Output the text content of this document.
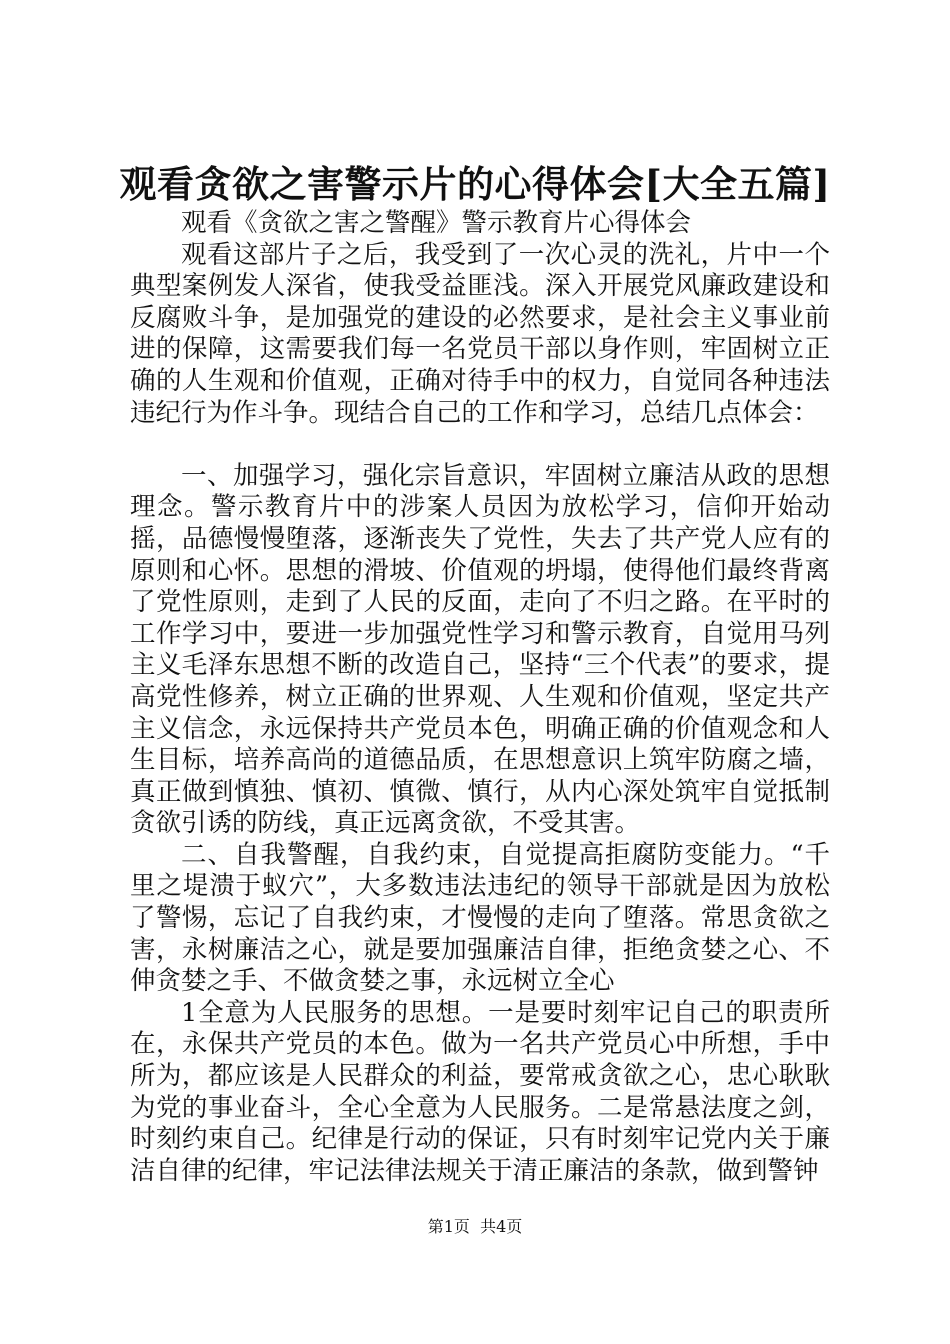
观看贪欲之害警示片的心得体会[大全五篇]

观看《贪欲之害之警醒》警示教育片心得体会

观看这部片子之后，我受到了一次心灵的洗礼，片中一个典型案例发人深省，使我受益匪浅。深入开展党风廉政建设和反腐败斗争，是加强党的建设的必然要求，是社会主义事业前进的保障，这需要我们每一名党员干部以身作则，牢固树立正确的人生观和价值观，正确对待手中的权力，自觉同各种违法违纪行为作斗争。现结合自己的工作和学习，总结几点体会：

一、加强学习，强化宗旨意识，牢固树立廉洁从政的思想理念。警示教育片中的涉案人员因为放松学习，信仰开始动摇，品德慢慢堕落，逐渐丧失了党性，失去了共产党人应有的原则和心怀。思想的滑坡、价值观的坍塌，使得他们最终背离了党性原则，走到了人民的反面，走向了不归之路。在平时的工作学习中，要进一步加强党性学习和警示教育，自觉用马列主义毛泽东思想不断的改造自己，坚持“三个代表”的要求，提高党性修养，树立正确的世界观、人生观和价值观，坚定共产主义信念，永远保持共产党员本色，明确正确的价值观念和人生目标，培养高尚的道德品质，在思想意识上筑牢防腐之墙，真正做到慎独、慎初、慎微、慎行，从内心深处筑牢自觉抵制贪欲引诱的防线，真正远离贪欲，不受其害。

二、自我警醒，自我约束，自觉提高拒腐防变能力。“千里之堤溃于蚁穴”，大多数违法违纪的领导干部就是因为放松了警惕，忘记了自我约束，才慢慢的走向了堕落。常思贪欲之害，永树廉洁之心，就是要加强廉洁自律，拒绝贪婪之心、不伸贪婪之手、不做贪婪之事，永远树立全心

1全意为人民服务的思想。一是要时刻牢记自己的职责所在，永保共产党员的本色。做为一名共产党员心中所想，手中所为，都应该是人民群众的利益，要常戒贪欲之心，忠心耿耿为党的事业奋斗，全心全意为人民服务。二是常悬法度之剑，时刻约束自己。纪律是行动的保证，只有时刻牢记党内关于廉洁自律的纪律，牢记法律法规关于清正廉洁的条款，做到警钟

第1页 共4页
